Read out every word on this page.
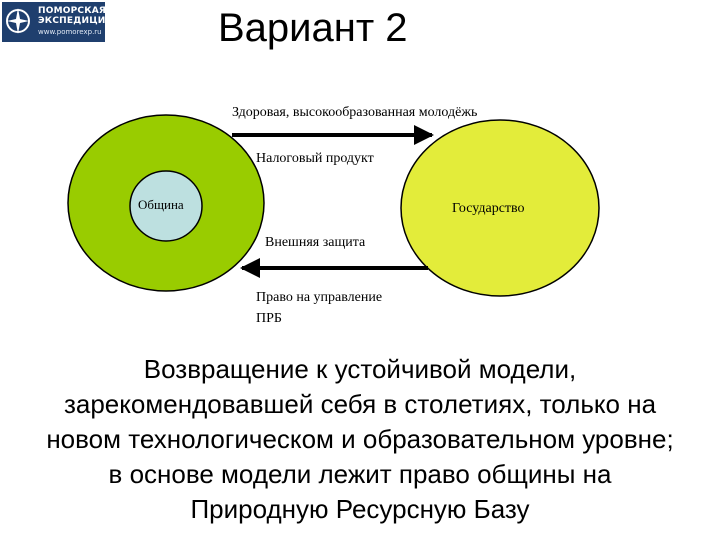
ПОМОРСКАЯ
ЭКСПЕДИЦИЯ
www.pomorexp.ru	Вариант 2
Община	Государство
Здоровая, высокообразованная молодёжь
Налоговый продукт
Внешняя защита
Право на управление
ПРБ
Возвращение к устойчивой модели,
зарекомендовавшей себя в столетиях, только на
новом технологическом и образовательном уровне;
в основе модели лежит право общины на
Природную Ресурсную Базу
